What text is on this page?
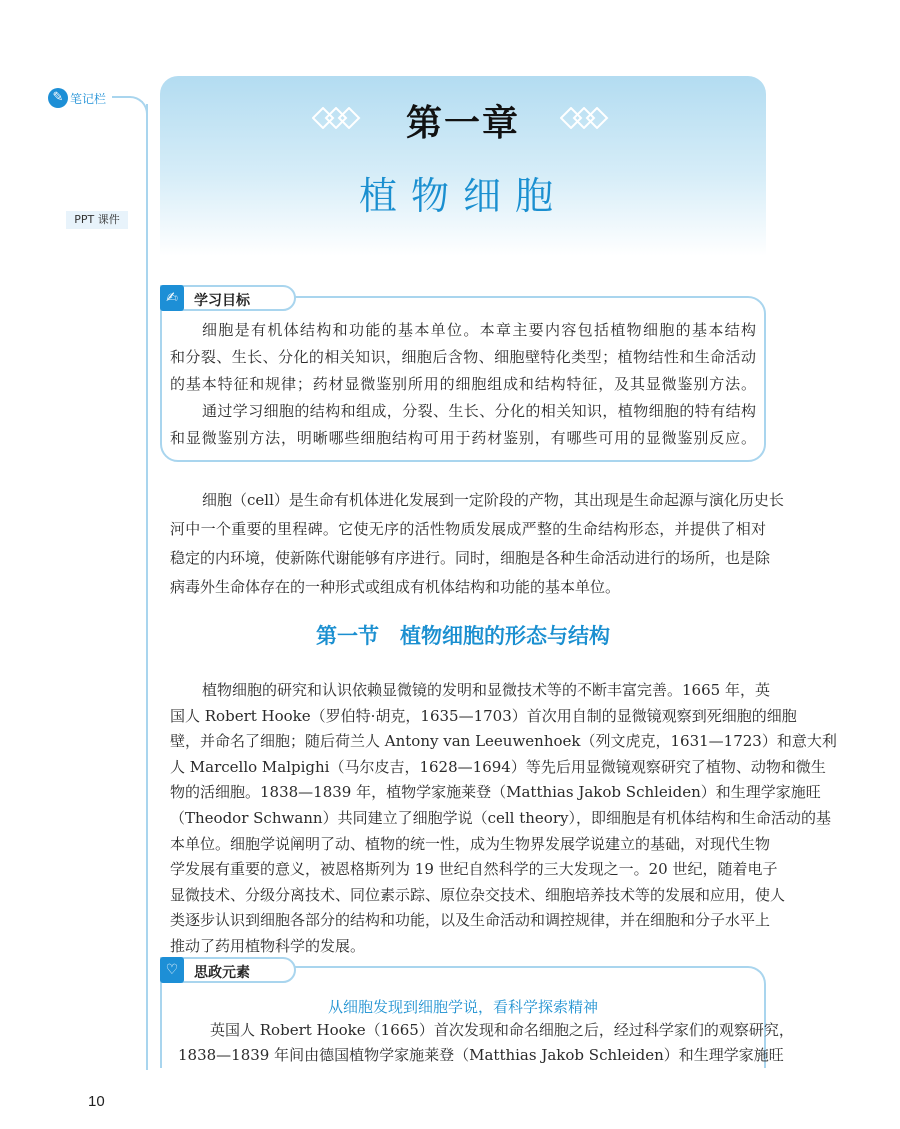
✎ 笔记栏
PPT 课件
第一章
植物细胞
✍	学习目标
细胞是有机体结构和功能的基本单位。本章主要内容包括植物细胞的基本结构
和分裂、生长、分化的相关知识，细胞后含物、细胞壁特化类型；植物结性和生命活动
的基本特征和规律；药材显微鉴别所用的细胞组成和结构特征，及其显微鉴别方法。
通过学习细胞的结构和组成，分裂、生长、分化的相关知识，植物细胞的特有结构
和显微鉴别方法，明晰哪些细胞结构可用于药材鉴别，有哪些可用的显微鉴别反应。
细胞（cell）是生命有机体进化发展到一定阶段的产物，其出现是生命起源与演化历史长
河中一个重要的里程碑。它使无序的活性物质发展成严整的生命结构形态，并提供了相对
稳定的内环境，使新陈代谢能够有序进行。同时，细胞是各种生命活动进行的场所，也是除
病毒外生命体存在的一种形式或组成有机体结构和功能的基本单位。
第一节　植物细胞的形态与结构
植物细胞的研究和认识依赖显微镜的发明和显微技术等的不断丰富完善。1665 年，英
国人 Robert Hooke（罗伯特·胡克，1635—1703）首次用自制的显微镜观察到死细胞的细胞
壁，并命名了细胞；随后荷兰人 Antony van Leeuwenhoek（列文虎克，1631—1723）和意大利
人 Marcello Malpighi（马尔皮吉，1628—1694）等先后用显微镜观察研究了植物、动物和微生
物的活细胞。1838—1839 年，植物学家施莱登（Matthias Jakob Schleiden）和生理学家施旺
（Theodor Schwann）共同建立了细胞学说（cell theory），即细胞是有机体结构和生命活动的基
本单位。细胞学说阐明了动、植物的统一性，成为生物界发展学说建立的基础，对现代生物
学发展有重要的意义，被恩格斯列为 19 世纪自然科学的三大发现之一。20 世纪，随着电子
显微技术、分级分离技术、同位素示踪、原位杂交技术、细胞培养技术等的发展和应用，使人
类逐步认识到细胞各部分的结构和功能，以及生命活动和调控规律，并在细胞和分子水平上
推动了药用植物科学的发展。
♡	思政元素
从细胞发现到细胞学说，看科学探索精神
英国人 Robert Hooke（1665）首次发现和命名细胞之后，经过科学家们的观察研究，
1838—1839 年间由德国植物学家施莱登（Matthias Jakob Schleiden）和生理学家施旺
10
